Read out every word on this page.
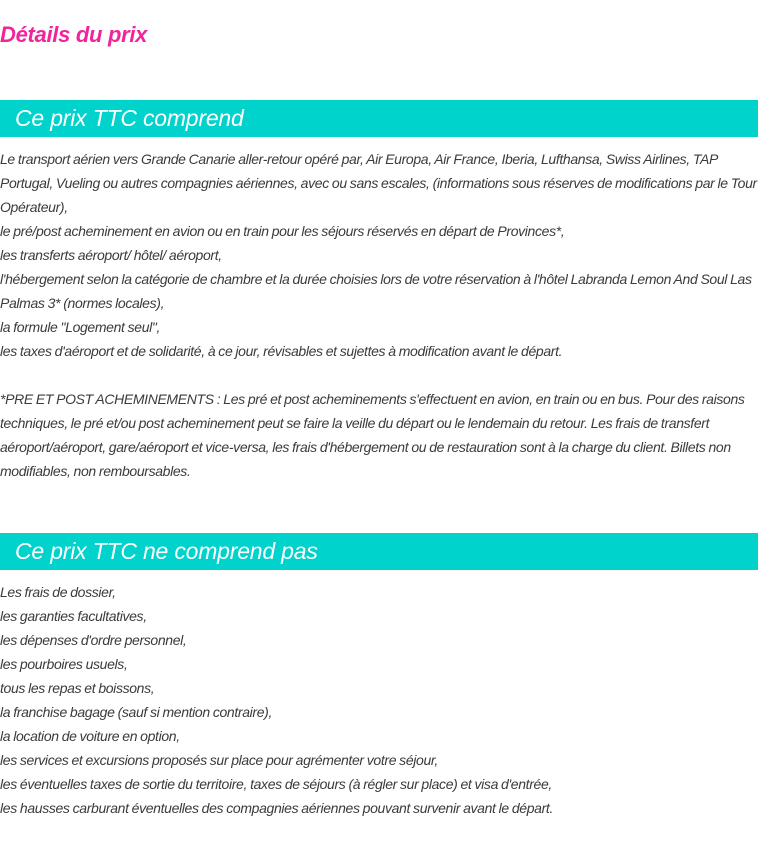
Détails du prix
Ce prix TTC comprend
Le transport aérien vers Grande Canarie aller-retour opéré par, Air Europa, Air France, Iberia, Lufthansa, Swiss Airlines, TAP Portugal, Vueling ou autres compagnies aériennes, avec ou sans escales, (informations sous réserves de modifications par le Tour Opérateur),
le pré/post acheminement en avion ou en train pour les séjours réservés en départ de Provinces*,
les transferts aéroport/ hôtel/ aéroport,
l'hébergement selon la catégorie de chambre et la durée choisies lors de votre réservation à l'hôtel Labranda Lemon And Soul Las Palmas 3* (normes locales),
la formule "Logement seul",
les taxes d'aéroport et de solidarité, à ce jour, révisables et sujettes à modification avant le départ.

*PRE ET POST ACHEMINEMENTS : Les pré et post acheminements s'effectuent en avion, en train ou en bus. Pour des raisons techniques, le pré et/ou post acheminement peut se faire la veille du départ ou le lendemain du retour. Les frais de transfert aéroport/aéroport, gare/aéroport et vice-versa, les frais d'hébergement ou de restauration sont à la charge du client. Billets non modifiables, non remboursables.

Ce prix TTC ne comprend pas
Les frais de dossier,
les garanties facultatives,
les dépenses d'ordre personnel,
les pourboires usuels,
tous les repas et boissons,
la franchise bagage (sauf si mention contraire),
la location de voiture en option,
les services et excursions proposés sur place pour agrémenter votre séjour,
les éventuelles taxes de sortie du territoire, taxes de séjours (à régler sur place) et visa d'entrée,
les hausses carburant éventuelles des compagnies aériennes pouvant survenir avant le départ.
